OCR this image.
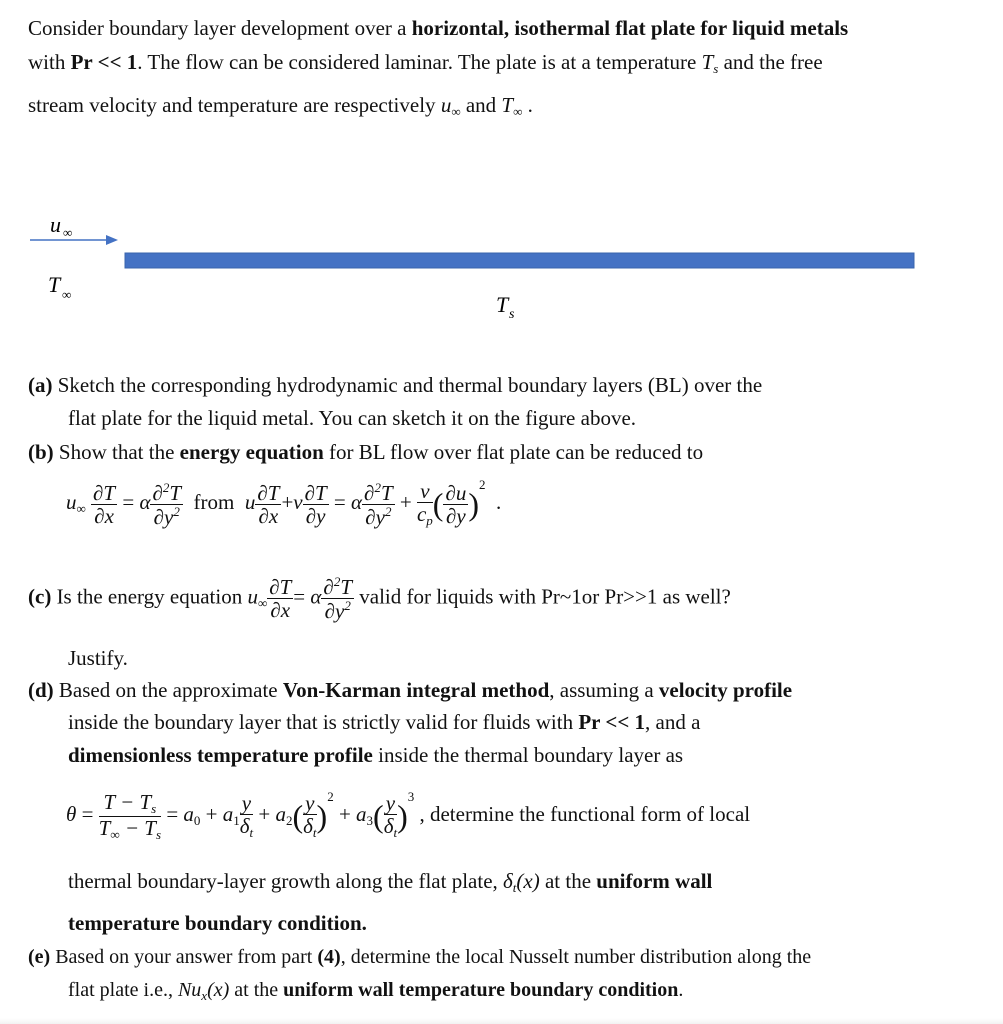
Consider boundary layer development over a horizontal, isothermal flat plate for liquid metals
with Pr << 1. The flow can be considered laminar. The plate is at a temperature $T_s$ and the free
stream velocity and temperature are respectively $u_\infty$ and $T_\infty$ .
u ∞
T ∞	T s
(a) Sketch the corresponding hydrodynamic and thermal boundary layers (BL) over the
flat plate for the liquid metal. You can sketch it on the figure above.
(b) Show that the energy equation for BL flow over flat plate can be reduced to
$u_\infty \frac{\partial T}{\partial x} = \alpha \frac{\partial^2T}{\partial y^2}$ from u $\frac{\partial T}{\partial x} +v \frac{\partial T}{\partial y} = \alpha \frac{\partial^2T}{\partial y^2} + \frac{\nu}{c_p}$ ( $\frac{\partial u}{\partial y} )^2$  .
(c) Is the energy equation $u_\infty \frac{\partial T}{\partial x} = \alpha \frac{\partial^2T}{\partial y^2}$ valid for liquids with Pr~1or Pr>>1 as well?
Justify.
(d) Based on the approximate Von-Karman integral method, assuming a velocity profile
inside the boundary layer that is strictly valid for fluids with Pr << 1, and a
dimensionless temperature profile inside the thermal boundary layer as
$\theta = \frac{T - T_s}{T_\infty - T_s} = a_0 + a_1 \frac{y}{\delta_t} + a_2( \frac{y}{\delta_t} )^2 + a_3( \frac{y}{\delta_t} )^3$ , determine the functional form of local
thermal boundary-layer growth along the flat plate, $\delta_t(x)$ at the uniform wall
temperature boundary condition.
(e) Based on your answer from part (4), determine the local Nusselt number distribution along the
flat plate i.e., $Nu_x(x)$ at the uniform wall temperature boundary condition.
